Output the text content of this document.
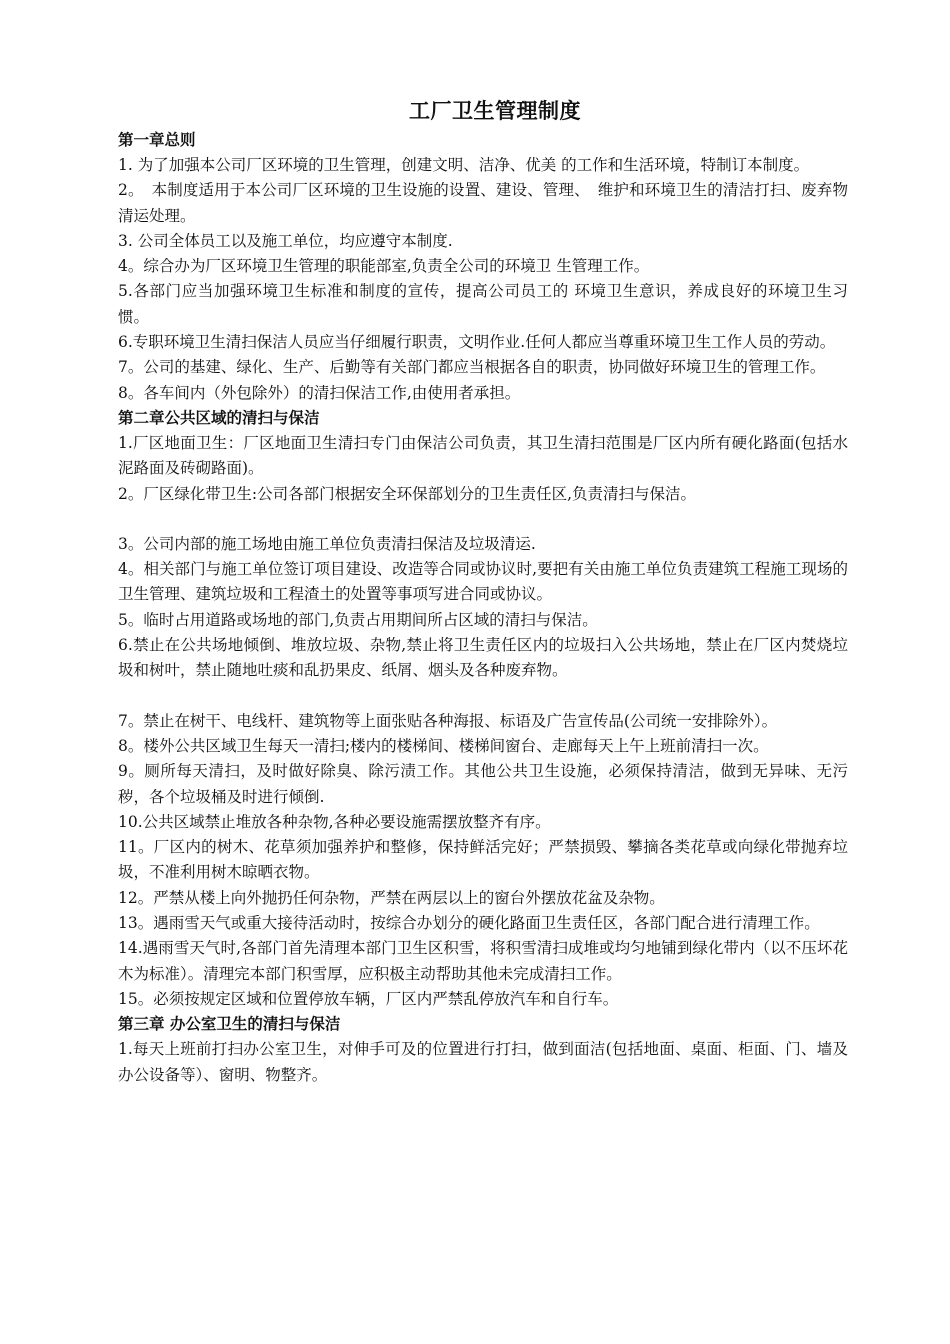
工厂卫生管理制度
第一章总则

1. 为了加强本公司厂区环境的卫生管理，创建文明、洁净、优美 的工作和生活环境，特制订本制度。

2。　本制度适用于本公司厂区环境的卫生设施的设置、建设、管理、　维护和环境卫生的清洁打扫、废弃物清运处理。

3. 公司全体员工以及施工单位，均应遵守本制度.

4。综合办为厂区环境卫生管理的职能部室,负责全公司的环境卫 生管理工作。

5.各部门应当加强环境卫生标准和制度的宣传，提高公司员工的 环境卫生意识，养成良好的环境卫生习惯。

6.专职环境卫生清扫保洁人员应当仔细履行职责，文明作业.任何人都应当尊重环境卫生工作人员的劳动。

7。公司的基建、绿化、生产、后勤等有关部门都应当根据各自的职责，协同做好环境卫生的管理工作。

8。各车间内（外包除外）的清扫保洁工作,由使用者承担。

第二章公共区域的清扫与保洁

1.厂区地面卫生：厂区地面卫生清扫专门由保洁公司负责，其卫生清扫范围是厂区内所有硬化路面(包括水泥路面及砖砌路面)。

2。厂区绿化带卫生:公司各部门根据安全环保部划分的卫生责任区,负责清扫与保洁。

3。公司内部的施工场地由施工单位负责清扫保洁及垃圾清运.

4。相关部门与施工单位签订项目建设、改造等合同或协议时,要把有关由施工单位负责建筑工程施工现场的卫生管理、建筑垃圾和工程渣土的处置等事项写进合同或协议。

5。临时占用道路或场地的部门,负责占用期间所占区域的清扫与保洁。

6.禁止在公共场地倾倒、堆放垃圾、杂物,禁止将卫生责任区内的垃圾扫入公共场地，禁止在厂区内焚烧垃圾和树叶，禁止随地吐痰和乱扔果皮、纸屑、烟头及各种废弃物。

7。禁止在树干、电线杆、建筑物等上面张贴各种海报、标语及广告宣传品(公司统一安排除外）。

8。楼外公共区域卫生每天一清扫;楼内的楼梯间、楼梯间窗台、走廊每天上午上班前清扫一次。

9。厕所每天清扫，及时做好除臭、除污渍工作。其他公共卫生设施，必须保持清洁，做到无异味、无污秽，各个垃圾桶及时进行倾倒.

10.公共区域禁止堆放各种杂物,各种必要设施需摆放整齐有序。

11。厂区内的树木、花草须加强养护和整修，保持鲜活完好；严禁损毁、攀摘各类花草或向绿化带抛弃垃圾，不准利用树木晾晒衣物。

12。严禁从楼上向外抛扔任何杂物，严禁在两层以上的窗台外摆放花盆及杂物。

13。遇雨雪天气或重大接待活动时，按综合办划分的硬化路面卫生责任区，各部门配合进行清理工作。

14.遇雨雪天气时,各部门首先清理本部门卫生区积雪，将积雪清扫成堆或均匀地铺到绿化带内（以不压坏花木为标准）。清理完本部门积雪厚，应积极主动帮助其他未完成清扫工作。

15。必须按规定区域和位置停放车辆，厂区内严禁乱停放汽车和自行车。

第三章 办公室卫生的清扫与保洁

1.每天上班前打扫办公室卫生，对伸手可及的位置进行打扫，做到面洁(包括地面、桌面、柜面、门、墙及办公设备等）、窗明、物整齐。
